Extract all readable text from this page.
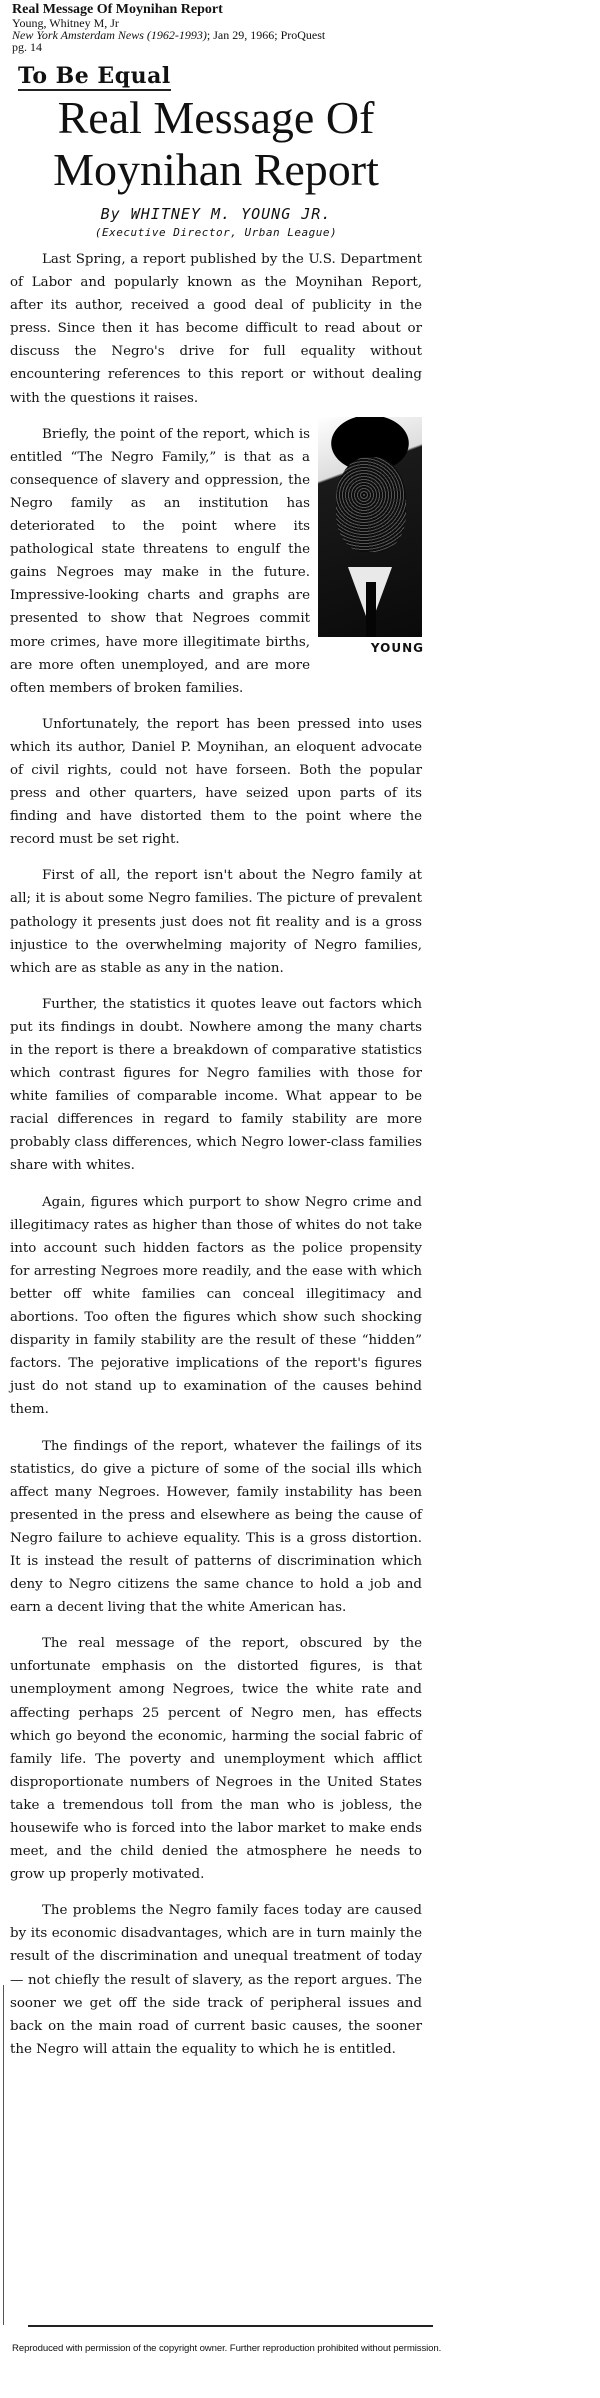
Real Message Of Moynihan Report
Young, Whitney M, Jr
New York Amsterdam News (1962-1993); Jan 29, 1966; ProQuest
pg. 14
To Be Equal
Real Message Of
Moynihan Report
By WHITNEY M. YOUNG JR.
(Executive Director, Urban League)

Last Spring, a report published by the U.S. Department of Labor and popularly known as the Moynihan Report, after its author, received a good deal of publicity in the press. Since then it has become difficult to read about or discuss the Negro's drive for full equality without encountering references to this report or without dealing with the questions it raises.

YOUNG

Briefly, the point of the report, which is entitled “The Negro Family,” is that as a consequence of slavery and oppression, the Negro family as an institution has deteriorated to the point where its pathological state threatens to engulf the gains Negroes may make in the future. Impressive-looking charts and graphs are presented to show that Negroes commit more crimes, have more illegitimate births, are more often unemployed, and are more often members of broken families.

Unfortunately, the report has been pressed into uses which its author, Daniel P. Moynihan, an eloquent advocate of civil rights, could not have forseen. Both the popular press and other quarters, have seized upon parts of its finding and have distorted them to the point where the record must be set right.

First of all, the report isn't about the Negro family at all; it is about some Negro families. The picture of prevalent pathology it presents just does not fit reality and is a gross injustice to the overwhelming majority of Negro families, which are as stable as any in the nation.

Further, the statistics it quotes leave out factors which put its findings in doubt. Nowhere among the many charts in the report is there a breakdown of comparative statistics which contrast figures for Negro families with those for white families of comparable income. What appear to be racial differences in regard to family stability are more probably class differences, which Negro lower-class families share with whites.

Again, figures which purport to show Negro crime and illegitimacy rates as higher than those of whites do not take into account such hidden factors as the police propensity for arresting Negroes more readily, and the ease with which better off white families can conceal illegitimacy and abortions. Too often the figures which show such shocking disparity in family stability are the result of these “hidden” factors. The pejorative implications of the report's figures just do not stand up to examination of the causes behind them.

The findings of the report, whatever the failings of its statistics, do give a picture of some of the social ills which affect many Negroes. However, family instability has been presented in the press and elsewhere as being the cause of Negro failure to achieve equality. This is a gross distortion. It is instead the result of patterns of discrimination which deny to Negro citizens the same chance to hold a job and earn a decent living that the white American has.

The real message of the report, obscured by the unfortunate emphasis on the distorted figures, is that unemployment among Negroes, twice the white rate and affecting perhaps 25 percent of Negro men, has effects which go beyond the economic, harming the social fabric of family life. The poverty and unemployment which afflict disproportionate numbers of Negroes in the United States take a tremendous toll from the man who is jobless, the housewife who is forced into the labor market to make ends meet, and the child denied the atmosphere he needs to grow up properly motivated.

The problems the Negro family faces today are caused by its economic disadvantages, which are in turn mainly the result of the discrimination and unequal treatment of today — not chiefly the result of slavery, as the report argues. The sooner we get off the side track of peripheral issues and back on the main road of current basic causes, the sooner the Negro will attain the equality to which he is entitled.

Reproduced with permission of the copyright owner. Further reproduction prohibited without permission.
